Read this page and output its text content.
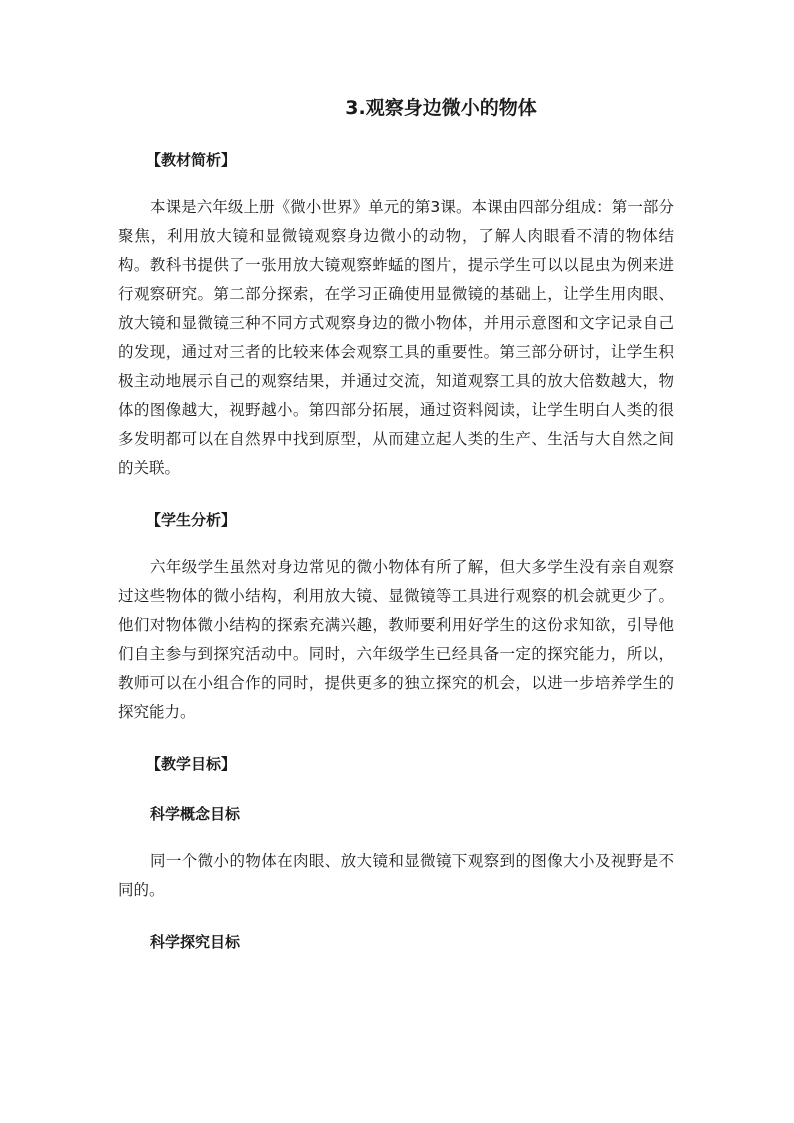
3.观察身边微小的物体
【教材简析】

本课是六年级上册《微小世界》单元的第3课。本课由四部分组成：第一部分聚焦，利用放大镜和显微镜观察身边微小的动物，了解人肉眼看不清的物体结构。教科书提供了一张用放大镜观察蚱蜢的图片，提示学生可以以昆虫为例来进行观察研究。第二部分探索，在学习正确使用显微镜的基础上，让学生用肉眼、放大镜和显微镜三种不同方式观察身边的微小物体，并用示意图和文字记录自己的发现，通过对三者的比较来体会观察工具的重要性。第三部分研讨，让学生积极主动地展示自己的观察结果，并通过交流，知道观察工具的放大倍数越大，物体的图像越大，视野越小。第四部分拓展，通过资料阅读，让学生明白人类的很多发明都可以在自然界中找到原型，从而建立起人类的生产、生活与大自然之间的关联。

【学生分析】

六年级学生虽然对身边常见的微小物体有所了解，但大多学生没有亲自观察过这些物体的微小结构，利用放大镜、显微镜等工具进行观察的机会就更少了。他们对物体微小结构的探索充满兴趣，教师要利用好学生的这份求知欲，引导他们自主参与到探究活动中。同时，六年级学生已经具备一定的探究能力，所以，教师可以在小组合作的同时，提供更多的独立探究的机会，以进一步培养学生的探究能力。

【教学目标】
科学概念目标

同一个微小的物体在肉眼、放大镜和显微镜下观察到的图像大小及视野是不同的。

科学探究目标
